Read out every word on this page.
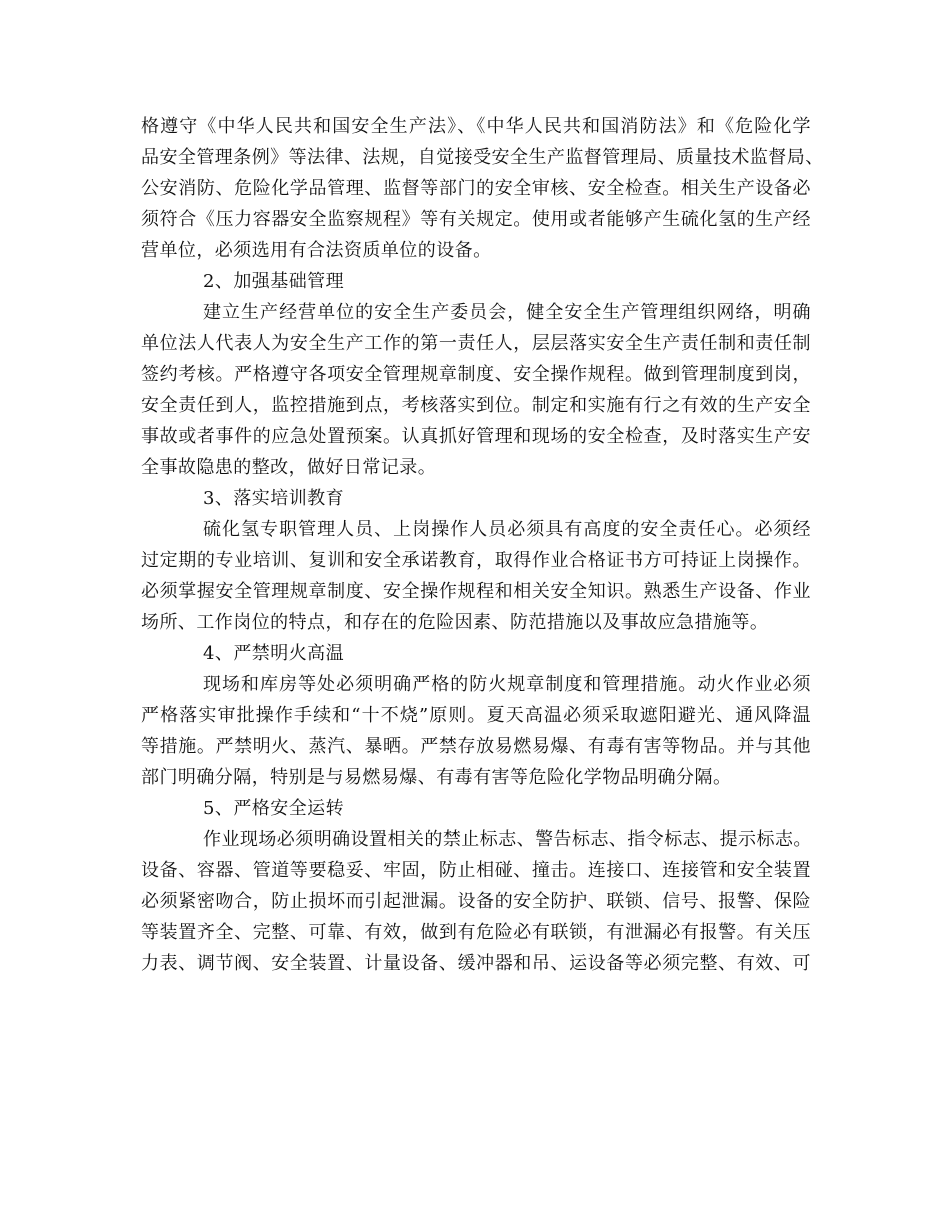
格遵守《中华人民共和国安全生产法》、《中华人民共和国消防法》和《危险化学
品安全管理条例》等法律、法规，自觉接受安全生产监督管理局、质量技术监督局、
公安消防、危险化学品管理、监督等部门的安全审核、安全检查。相关生产设备必
须符合《压力容器安全监察规程》等有关规定。使用或者能够产生硫化氢的生产经
营单位，必须选用有合法资质单位的设备。
2、加强基础管理
建立生产经营单位的安全生产委员会，健全安全生产管理组织网络，明确
单位法人代表人为安全生产工作的第一责任人，层层落实安全生产责任制和责任制
签约考核。严格遵守各项安全管理规章制度、安全操作规程。做到管理制度到岗，
安全责任到人，监控措施到点，考核落实到位。制定和实施有行之有效的生产安全
事故或者事件的应急处置预案。认真抓好管理和现场的安全检查，及时落实生产安
全事故隐患的整改，做好日常记录。
3、落实培训教育
硫化氢专职管理人员、上岗操作人员必须具有高度的安全责任心。必须经
过定期的专业培训、复训和安全承诺教育，取得作业合格证书方可持证上岗操作。
必须掌握安全管理规章制度、安全操作规程和相关安全知识。熟悉生产设备、作业
场所、工作岗位的特点，和存在的危险因素、防范措施以及事故应急措施等。
4、严禁明火高温
现场和库房等处必须明确严格的防火规章制度和管理措施。动火作业必须
严格落实审批操作手续和“十不烧”原则。夏天高温必须采取遮阳避光、通风降温
等措施。严禁明火、蒸汽、暴晒。严禁存放易燃易爆、有毒有害等物品。并与其他
部门明确分隔，特别是与易燃易爆、有毒有害等危险化学物品明确分隔。
5、严格安全运转
作业现场必须明确设置相关的禁止标志、警告标志、指令标志、提示标志。
设备、容器、管道等要稳妥、牢固，防止相碰、撞击。连接口、连接管和安全装置
必须紧密吻合，防止损坏而引起泄漏。设备的安全防护、联锁、信号、报警、保险
等装置齐全、完整、可靠、有效，做到有危险必有联锁，有泄漏必有报警。有关压
力表、调节阀、安全装置、计量设备、缓冲器和吊、运设备等必须完整、有效、可
